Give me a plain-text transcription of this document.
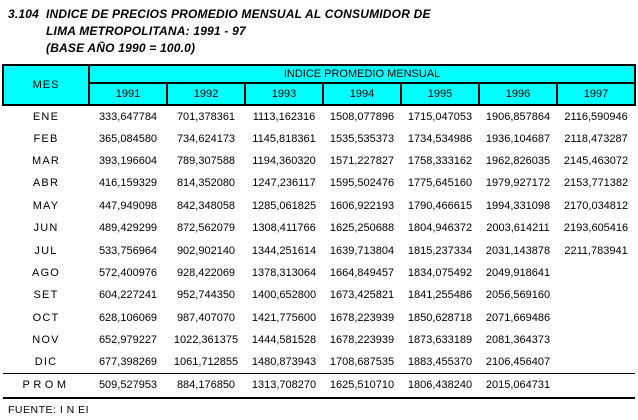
3.104 INDICE DE PRECIOS PROMEDIO MENSUAL AL CONSUMIDOR DE
LIMA METROPOLITANA: 1991 - 97
(BASE AÑO 1990 = 100.0)
MES	INDICE PROMEDIO MENSUAL						
	1991	1992	1993	1994	1995	1996	1997
ENE	333,647784	701,378361	1113,162316	1508,077896	1715,047053	1906,857864	2116,590946
FEB	365,084580	734,624173	1145,818361	1535,535373	1734,534986	1936,104687	2118,473287
MAR	393,196604	789,307588	1194,360320	1571,227827	1758,333162	1962,826035	2145,463072
ABR	416,159329	814,352080	1247,236117	1595,502476	1775,645160	1979,927172	2153,771382
MAY	447,949098	842,348058	1285,061825	1606,922193	1790,466615	1994,331098	2170,034812
JUN	489,429299	872,562079	1308,411766	1625,250688	1804,946372	2003,614211	2193,605416
JUL	533,756964	902,902140	1344,251614	1639,713804	1815,237334	2031,143878	2211,783941
AGO	572,400976	928,422069	1378,313064	1664,849457	1834,075492	2049,918641	
SET	604,227241	952,744350	1400,652800	1673,425821	1841,255486	2056,569160	
OCT	628,106069	987,407070	1421,775600	1678,223939	1850,628718	2071,669486	
NOV	652,979227	1022,361375	1444,581528	1678,223939	1873,633189	2081,364373	
DIC	677,398269	1061,712855	1480,873943	1708,687535	1883,455370	2106,456407	
PROM	509,527953	884,176850	1313,708270	1625,510710	1806,438240	2015,064731	
FUENTE: I N EI
